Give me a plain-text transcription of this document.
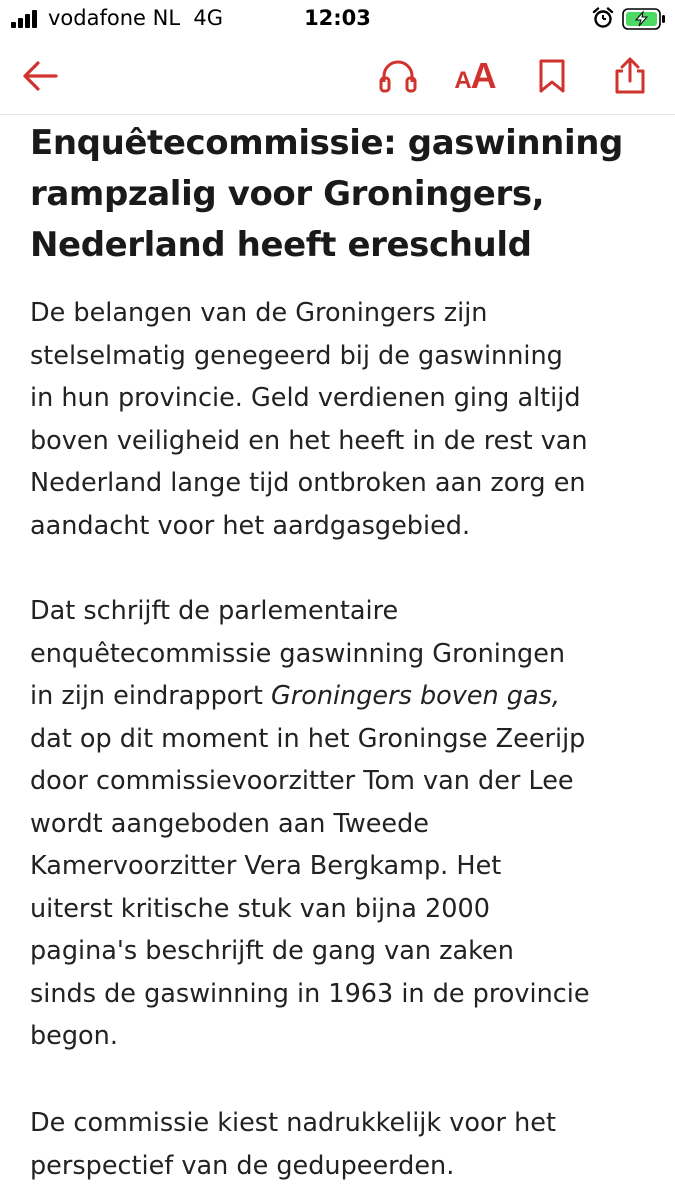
vodafone NL 4G	12:03
AA
Enquêtecommissie: gaswinning
rampzalig voor Groningers,
Nederland heeft ereschuld

De belangen van de Groningers zijn
stelselmatig genegeerd bij de gaswinning
in hun provincie. Geld verdienen ging altijd
boven veiligheid en het heeft in de rest van
Nederland lange tijd ontbroken aan zorg en
aandacht voor het aardgasgebied.

Dat schrijft de parlementaire
enquêtecommissie gaswinning Groningen
in zijn eindrapport Groningers boven gas,
dat op dit moment in het Groningse Zeerijp
door commissievoorzitter Tom van der Lee
wordt aangeboden aan Tweede
Kamervoorzitter Vera Bergkamp. Het
uiterst kritische stuk van bijna 2000
pagina's beschrijft de gang van zaken
sinds de gaswinning in 1963 in de provincie
begon.

De commissie kiest nadrukkelijk voor het
perspectief van de gedupeerden.
